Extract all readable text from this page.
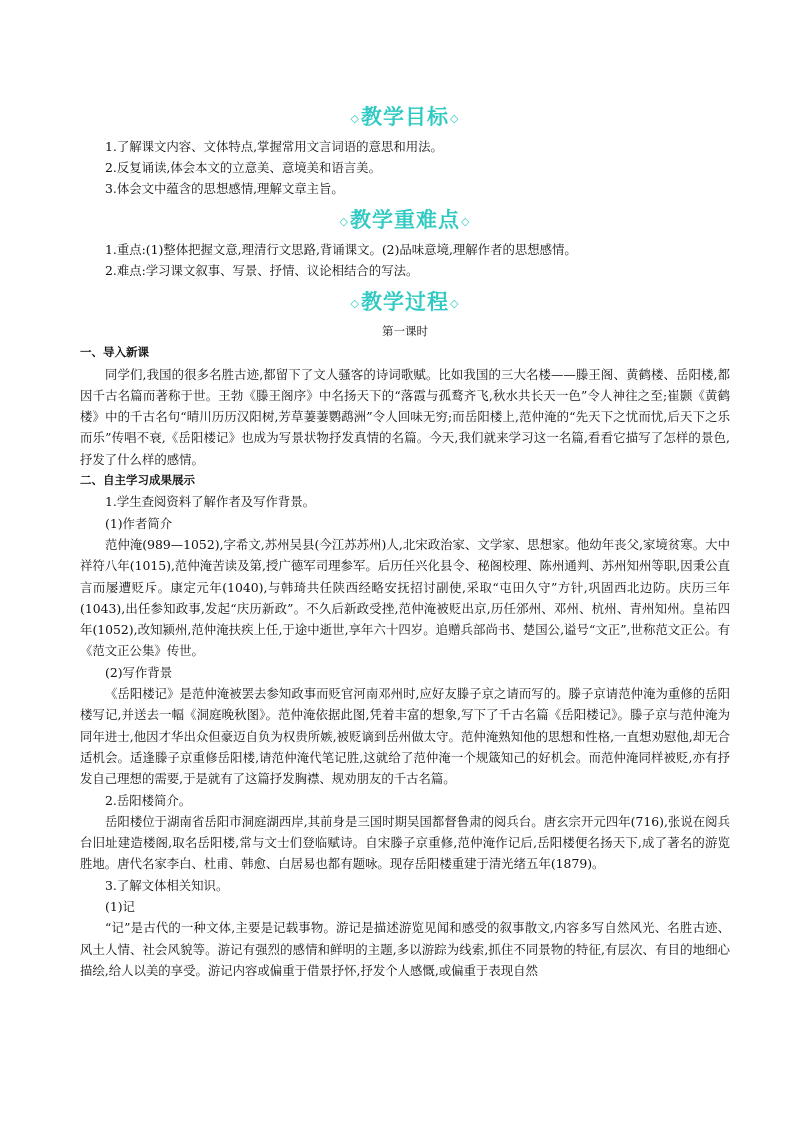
◇教学目标◇

1.了解课文内容、文体特点,掌握常用文言词语的意思和用法。

2.反复诵读,体会本文的立意美、意境美和语言美。

3.体会文中蕴含的思想感情,理解文章主旨。

◇教学重难点◇

1.重点:(1)整体把握文意,理清行文思路,背诵课文。(2)品味意境,理解作者的思想感情。

2.难点:学习课文叙事、写景、抒情、议论相结合的写法。

◇教学过程◇

第一课时

一、导入新课

同学们,我国的很多名胜古迹,都留下了文人骚客的诗词歌赋。比如我国的三大名楼——滕王阁、黄鹤楼、岳阳楼,都因千古名篇而著称于世。王勃《滕王阁序》中名扬天下的“落霞与孤鹜齐飞,秋水共长天一色”令人神往之至;崔颢《黄鹤楼》中的千古名句“晴川历历汉阳树,芳草萋萋鹦鹉洲”令人回味无穷;而岳阳楼上,范仲淹的“先天下之忧而忧,后天下之乐而乐”传唱不衰,《岳阳楼记》也成为写景状物抒发真情的名篇。今天,我们就来学习这一名篇,看看它描写了怎样的景色,抒发了什么样的感情。

二、自主学习成果展示

1.学生查阅资料了解作者及写作背景。

(1)作者简介

范仲淹(989—1052),字希文,苏州吴县(今江苏苏州)人,北宋政治家、文学家、思想家。他幼年丧父,家境贫寒。大中祥符八年(1015),范仲淹苦读及第,授广德军司理参军。后历任兴化县令、秘阁校理、陈州通判、苏州知州等职,因秉公直言而屡遭贬斥。康定元年(1040),与韩琦共任陕西经略安抚招讨副使,采取“屯田久守”方针,巩固西北边防。庆历三年(1043),出任参知政事,发起“庆历新政”。不久后新政受挫,范仲淹被贬出京,历任邠州、邓州、杭州、青州知州。皇祐四年(1052),改知颍州,范仲淹扶疾上任,于途中逝世,享年六十四岁。追赠兵部尚书、楚国公,谥号“文正”,世称范文正公。有《范文正公集》传世。

(2)写作背景

《岳阳楼记》是范仲淹被罢去参知政事而贬官河南邓州时,应好友滕子京之请而写的。滕子京请范仲淹为重修的岳阳楼写记,并送去一幅《洞庭晚秋图》。范仲淹依据此图,凭着丰富的想象,写下了千古名篇《岳阳楼记》。滕子京与范仲淹为同年进士,他因才华出众但豪迈自负为权贵所嫉,被贬谪到岳州做太守。范仲淹熟知他的思想和性格,一直想劝慰他,却无合适机会。适逢滕子京重修岳阳楼,请范仲淹代笔记胜,这就给了范仲淹一个规箴知己的好机会。而范仲淹同样被贬,亦有抒发自己理想的需要,于是就有了这篇抒发胸襟、规劝朋友的千古名篇。

2.岳阳楼简介。

岳阳楼位于湖南省岳阳市洞庭湖西岸,其前身是三国时期吴国都督鲁肃的阅兵台。唐玄宗开元四年(716),张说在阅兵台旧址建造楼阁,取名岳阳楼,常与文士们登临赋诗。自宋滕子京重修,范仲淹作记后,岳阳楼便名扬天下,成了著名的游览胜地。唐代名家李白、杜甫、韩愈、白居易也都有题咏。现存岳阳楼重建于清光绪五年(1879)。

3.了解文体相关知识。

(1)记

“记”是古代的一种文体,主要是记载事物。游记是描述游览见闻和感受的叙事散文,内容多写自然风光、名胜古迹、风土人情、社会风貌等。游记有强烈的感情和鲜明的主题,多以游踪为线索,抓住不同景物的特征,有层次、有目的地细心描绘,给人以美的享受。游记内容或偏重于借景抒怀,抒发个人感慨,或偏重于表现自然
